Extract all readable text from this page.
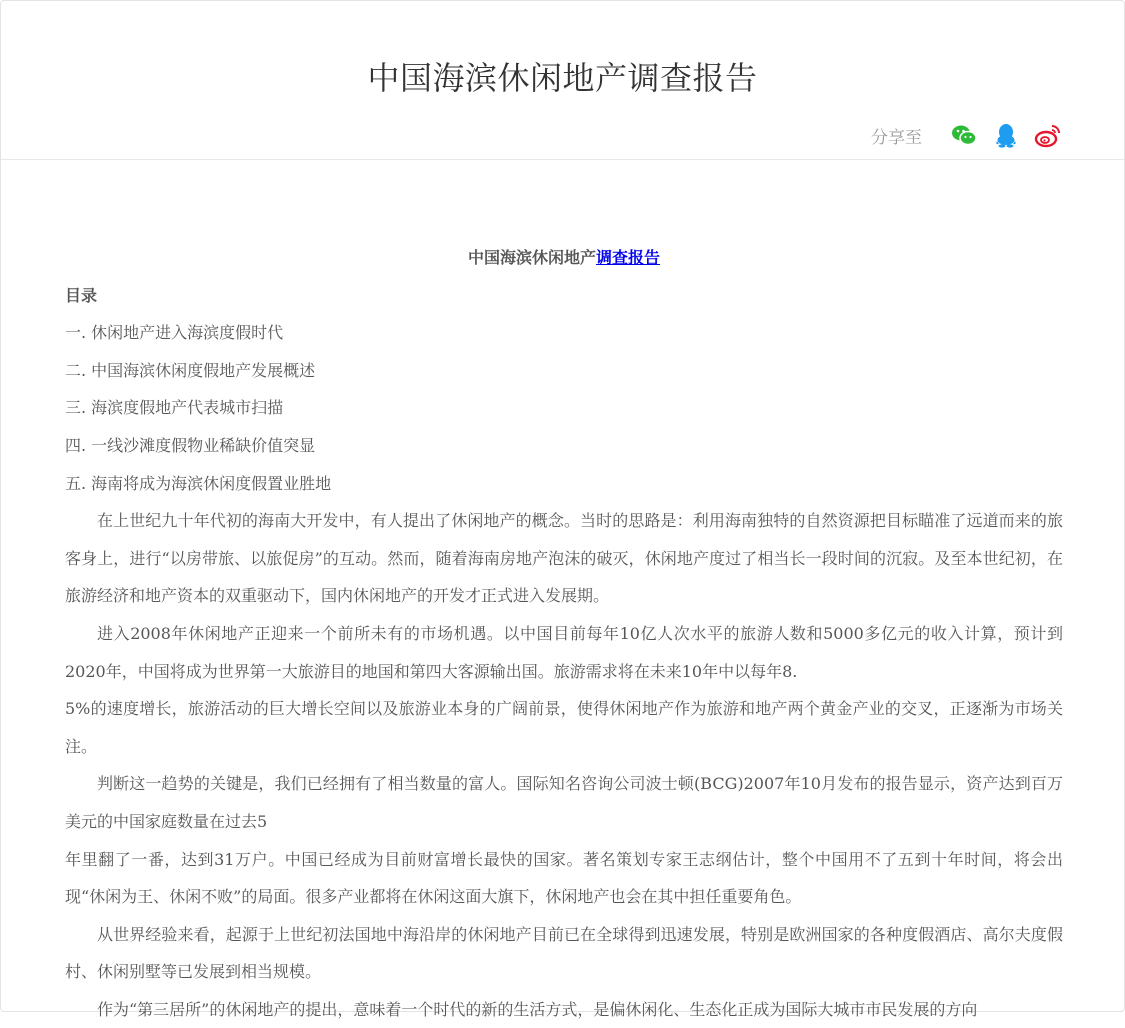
中国海滨休闲地产调查报告
分享至

中国海滨休闲地产调查报告

目录

一. 休闲地产进入海滨度假时代

二. 中国海滨休闲度假地产发展概述

三. 海滨度假地产代表城市扫描

四. 一线沙滩度假物业稀缺价值突显

五. 海南将成为海滨休闲度假置业胜地

在上世纪九十年代初的海南大开发中，有人提出了休闲地产的概念。当时的思路是：利用海南独特的自然资源把目标瞄准了远道而来的旅客身上，进行“以房带旅、以旅促房”的互动。然而，随着海南房地产泡沫的破灭，休闲地产度过了相当长一段时间的沉寂。及至本世纪初，在旅游经济和地产资本的双重驱动下，国内休闲地产的开发才正式进入发展期。

进入2008年休闲地产正迎来一个前所未有的市场机遇。以中国目前每年10亿人次水平的旅游人数和5000多亿元的收入计算，预计到2020年，中国将成为世界第一大旅游目的地国和第四大客源输出国。旅游需求将在未来10年中以每年8.

5%的速度增长，旅游活动的巨大增长空间以及旅游业本身的广阔前景，使得休闲地产作为旅游和地产两个黄金产业的交叉，正逐渐为市场关注。

判断这一趋势的关键是，我们已经拥有了相当数量的富人。国际知名咨询公司波士顿(BCG)2007年10月发布的报告显示，资产达到百万美元的中国家庭数量在过去5

年里翻了一番，达到31万户。中国已经成为目前财富增长最快的国家。著名策划专家王志纲估计，整个中国用不了五到十年时间，将会出现“休闲为王、休闲不败”的局面。很多产业都将在休闲这面大旗下，休闲地产也会在其中担任重要角色。

从世界经验来看，起源于上世纪初法国地中海沿岸的休闲地产目前已在全球得到迅速发展，特别是欧洲国家的各种度假酒店、高尔夫度假村、休闲别墅等已发展到相当规模。

作为“第三居所”的休闲地产的提出，意味着一个时代的新的生活方式，是偏休闲化、生态化正成为国际大城市市民发展的方向
